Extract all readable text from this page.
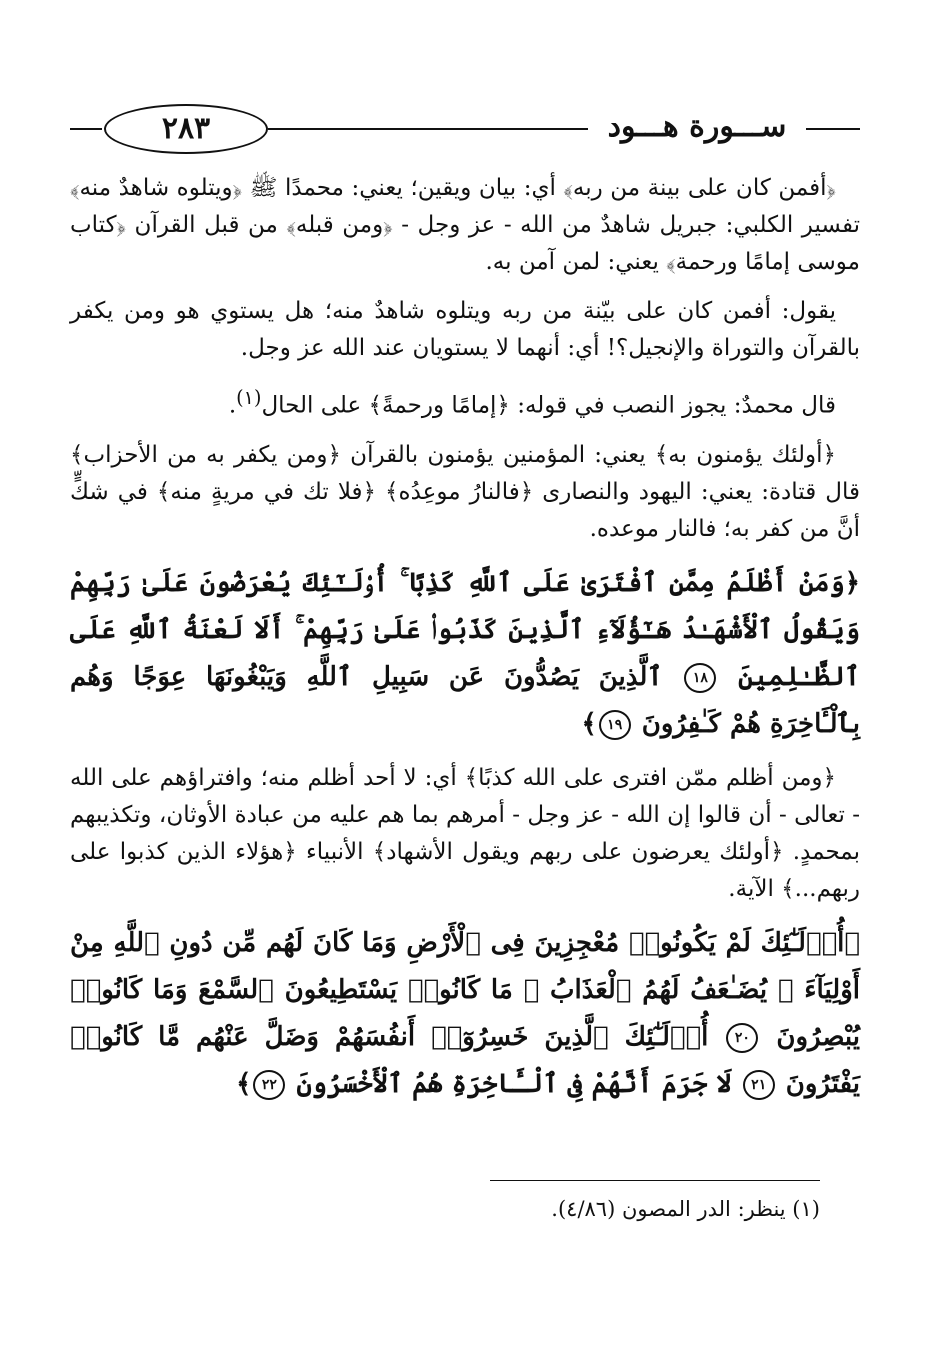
٢٨٣	ســـورة هـــود

﴿أفمن كان على بينة من ربه﴾ أي: بيان ويقين؛ يعني: محمدًا ﷺ ﴿ويتلوه شاهدٌ منه﴾ تفسير الكلبي: جبريل شاهدٌ من الله - عز وجل - ﴿ومن قبله﴾ من قبل القرآن ﴿كتاب موسى إمامًا ورحمة﴾ يعني: لمن آمن به.

يقول: أفمن كان على بيّنة من ربه ويتلوه شاهدٌ منه؛ هل يستوي هو ومن يكفر بالقرآن والتوراة والإنجيل؟! أي: أنهما لا يستويان عند الله عز وجل.

قال محمدٌ: يجوز النصب في قوله: ﴿إمامًا ورحمةً﴾ على الحال$^{(١)}$.

﴿أولئك يؤمنون به﴾ يعني: المؤمنين يؤمنون بالقرآن ﴿ومن يكفر به من الأحزاب﴾ قال قتادة: يعني: اليهود والنصارى ﴿فالنارُ موعِدُه﴾ ﴿فلا تك في مريةٍ منه﴾ في شكٍّ أنَّ من كفر به؛ فالنار موعده.

﴿وَمَنْ أَظْلَمُ مِمَّنِ ٱفْتَرَىٰ عَلَى ٱللَّهِ كَذِبًا ۚ أُو۟لَـٰٓئِكَ يُعْرَضُونَ عَلَىٰ رَبِّهِمْ وَيَقُولُ ٱلْأَشْهَـٰدُ هَـٰٓؤُلَآءِ ٱلَّذِينَ كَذَبُوا۟ عَلَىٰ رَبِّهِمْ ۚ أَلَا لَعْنَةُ ٱللَّهِ عَلَى ٱلظَّـٰلِمِينَ ١٨ ٱلَّذِينَ يَصُدُّونَ عَن سَبِيلِ ٱللَّهِ وَيَبْغُونَهَا عِوَجًا وَهُم بِٱلْـَٔاخِرَةِ هُمْ كَـٰفِرُونَ ١٩﴾

﴿ومن أظلم ممّن افترى على الله كذبًا﴾ أي: لا أحد أظلم منه؛ وافتراؤهم على الله - تعالى - أن قالوا إن الله - عز وجل - أمرهم بما هم عليه من عبادة الأوثان، وتكذيبهم بمحمدٍ. ﴿أولئك يعرضون على ربهم ويقول الأشهاد﴾ الأنبياء ﴿هؤلاء الذين كذبوا على ربهم...﴾ الآية.

﴿أُو۟لَـٰٓئِكَ لَمْ يَكُونُوا۟ مُعْجِزِينَ فِى ٱلْأَرْضِ وَمَا كَانَ لَهُم مِّن دُونِ ٱللَّهِ مِنْ أَوْلِيَآءَ ۘ يُضَـٰعَفُ لَهُمُ ٱلْعَذَابُ ۚ مَا كَانُوا۟ يَسْتَطِيعُونَ ٱلسَّمْعَ وَمَا كَانُوا۟ يُبْصِرُونَ ٢٠ أُو۟لَـٰٓئِكَ ٱلَّذِينَ خَسِرُوٓا۟ أَنفُسَهُمْ وَضَلَّ عَنْهُم مَّا كَانُوا۟ يَفْتَرُونَ ٢١ لَا جَرَمَ أَنَّهُمْ فِى ٱلْـَٔاخِرَةِ هُمُ ٱلْأَخْسَرُونَ ٢٢﴾
(١) ينظر: الدر المصون (٤/٨٦).
